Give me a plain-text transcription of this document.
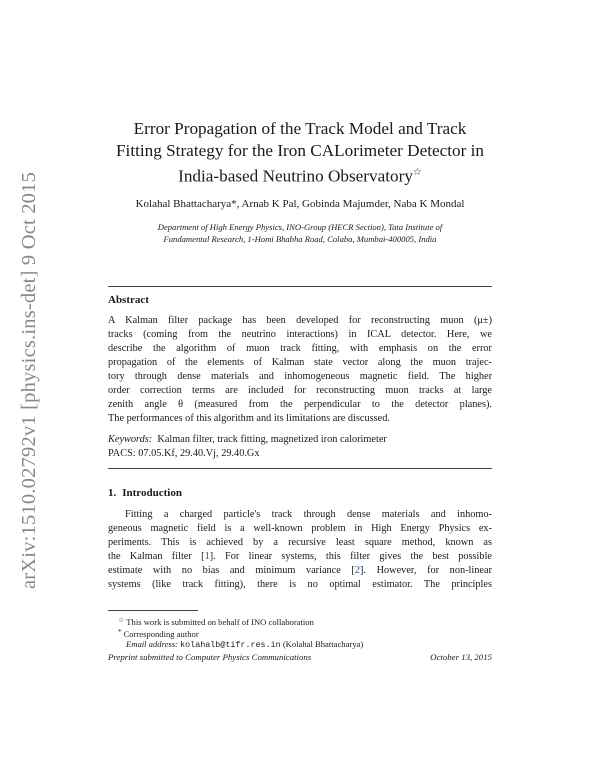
arXiv:1510.02792v1 [physics.ins-det] 9 Oct 2015
Error Propagation of the Track Model and Track
Fitting Strategy for the Iron CALorimeter Detector in
India-based Neutrino Observatory☆
Kolahal Bhattacharya*, Arnab K Pal, Gobinda Majumder, Naba K Mondal
Department of High Energy Physics, INO-Group (HECR Section), Tata Institute of
Fundamental Research, 1-Homi Bhabha Road, Colaba, Mumbai-400005, India
Abstract
A Kalman filter package has been developed for reconstructing muon (μ±)
tracks (coming from the neutrino interactions) in ICAL detector. Here, we
describe the algorithm of muon track fitting, with emphasis on the error
propagation of the elements of Kalman state vector along the muon trajec-
tory through dense materials and inhomogeneous magnetic field. The higher
order correction terms are included for reconstructing muon tracks at large
zenith angle θ (measured from the perpendicular to the detector planes).
The performances of this algorithm and its limitations are discussed.
Keywords: Kalman filter, track fitting, magnetized iron calorimeter
PACS: 07.05.Kf, 29.40.Vj, 29.40.Gx
1. Introduction
Fitting a charged particle's track through dense materials and inhomo-
geneous magnetic field is a well-known problem in High Energy Physics ex-
periments. This is achieved by a recursive least square method, known as
the Kalman filter [1]. For linear systems, this filter gives the best possible
estimate with no bias and minimum variance [2]. However, for non-linear
systems (like track fitting), there is no optimal estimator. The principles
☆ This work is submitted on behalf of INO collaboration
* Corresponding author
Email address: kolahalb@tifr.res.in (Kolahal Bhattacharya)
Preprint submitted to Computer Physics Communications	October 13, 2015
